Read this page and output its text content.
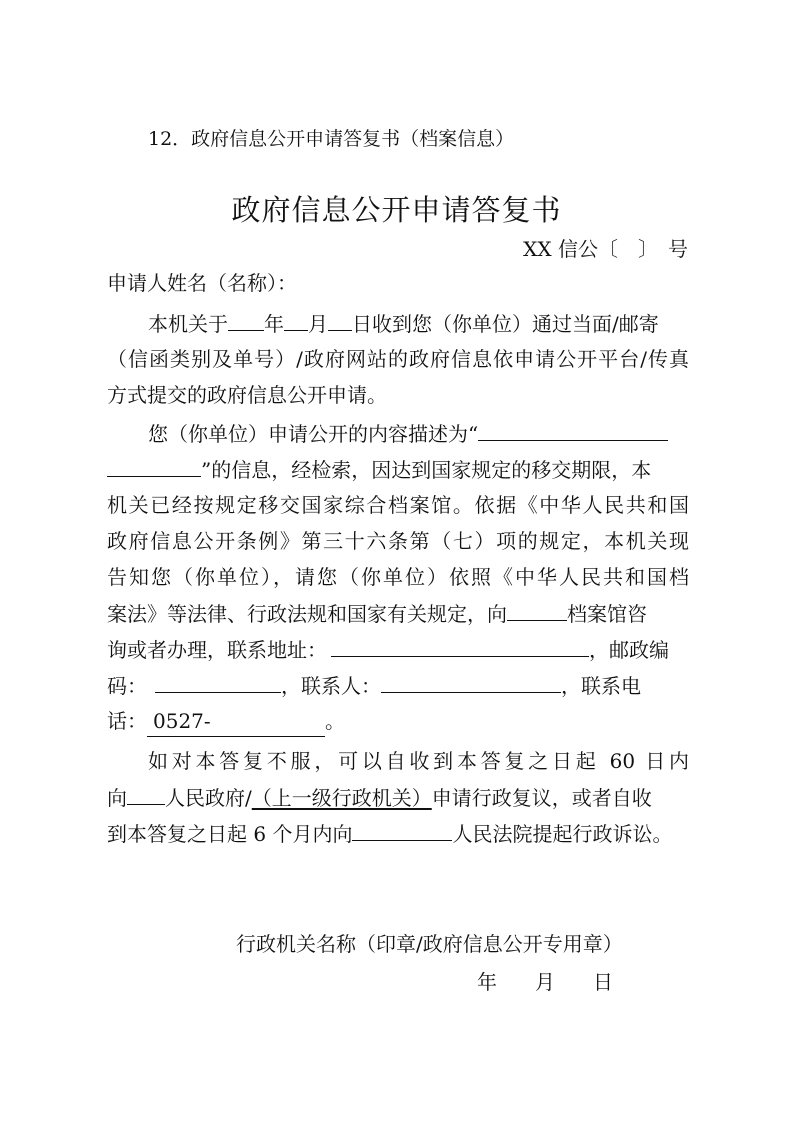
12．政府信息公开申请答复书（档案信息）
政府信息公开申请答复书
XX 信公〔　〕　号
申请人姓名（名称）：
本机关于 年 月 日收到您（你单位）通过当面/邮寄
（信函类别及单号）/政府网站的政府信息依申请公开平台/传真
方式提交的政府信息公开申请。
您（你单位）申请公开的内容描述为“
”的信息，经检索，因达到国家规定的移交期限，本
机关已经按规定移交国家综合档案馆。依据《中华人民共和国
政府信息公开条例》第三十六条第（七）项的规定，本机关现
告知您（你单位），请您（你单位）依照《中华人民共和国档
案法》等法律、行政法规和国家有关规定，向	档案馆咨
询或者办理，联系地址：	，邮政编
码：	，联系人：	，联系电
话： 0527-	。
如对本答复不服，可以自收到本答复之日起 60 日内
向 人民政府/（上一级行政机关）申请行政复议，或者自收
到本答复之日起 6 个月内向	人民法院提起行政诉讼。
行政机关名称（印章/政府信息公开专用章）
年 月 日
